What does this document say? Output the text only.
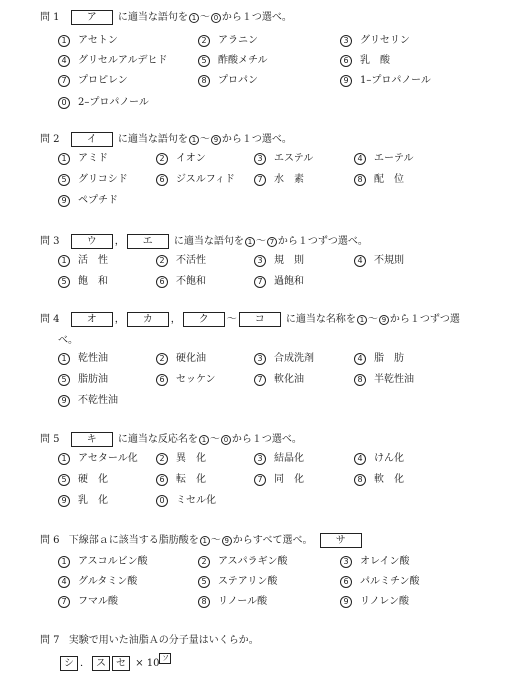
問 1	ア に適当な語句を 1 ～ 0 から１つ選べ。
1 アセトン	2 アラニン	3 グリセリン
4 グリセルアルデヒド	5 酢酸メチル	6 乳　酸
7 プロピレン	8 プロパン	9 1–プロパノール
0 2–プロパノール
問 2	イ に適当な語句を 1 ～ 9 から１つ選べ。
1 アミド	2 イオン	3 エステル	4 エーテル
5 グリコシド	6 ジスルフィド	7 水　素	8 配　位
9 ペプチド
問 3	ウ ， エ に適当な語句を 1 ～ 7 から１つずつ選べ。
1 活　性	2 不活性	3 規　則	4 不規則
5 飽　和	6 不飽和	7 過飽和
問 4	オ ， カ ， ク ～ コ に適当な名称を 1 ～ 9 から１つずつ選
べ。
1 乾性油	2 硬化油	3 合成洗剤	4 脂　肪
5 脂肪油	6 セッケン	7 軟化油	8 半乾性油
9 不乾性油
問 5	キ に適当な反応名を 1 ～ 0 から１つ選べ。
1 アセタール化	2 異　化	3 結晶化	4 けん化
5 硬　化	6 転　化	7 同　化	8 軟　化
9 乳　化	0 ミセル化
問 6 下線部ａに該当する脂肪酸を 1 ～ 9 からすべて選べ。 サ
1 アスコルビン酸	2 アスパラギン酸	3 オレイン酸
4 グルタミン酸	5 ステアリン酸	6 パルミチン酸
7 フマル酸	8 リノール酸	9 リノレン酸
問 7 実験で用いた油脂Ａの分子量はいくらか。
シ ． ス セ × 10 ソ
